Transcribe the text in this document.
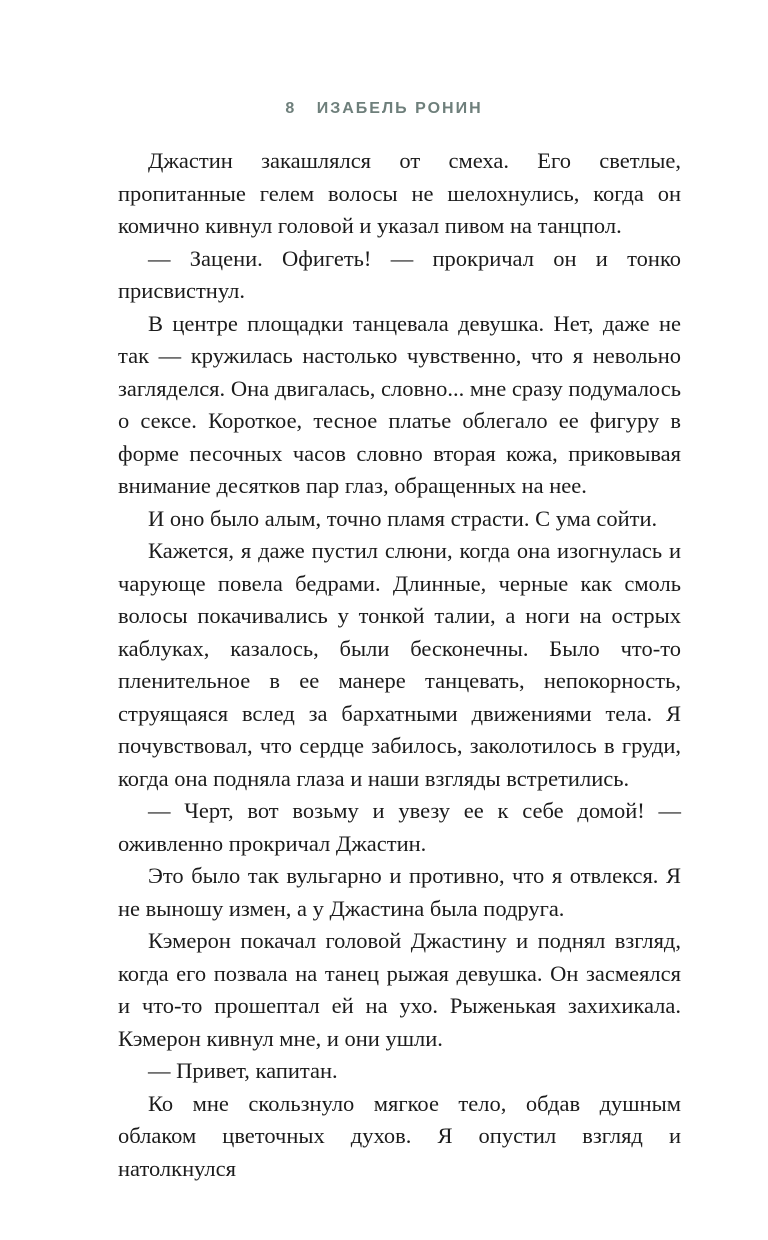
8 ИЗАБЕЛЬ РОНИН

Джастин закашлялся от смеха. Его светлые, пропитанные гелем волосы не шелохнулись, когда он комично кивнул головой и указал пивом на танцпол.

— Зацени. Офигеть! — прокричал он и тонко присвистнул.

В центре площадки танцевала девушка. Нет, даже не так — кружилась настолько чувственно, что я невольно загляделся. Она двигалась, словно... мне сразу подумалось о сексе. Короткое, тесное платье облегало ее фигуру в форме песочных часов словно вторая кожа, приковывая внимание десятков пар глаз, обращенных на нее.

И оно было алым, точно пламя страсти. С ума сойти.

Кажется, я даже пустил слюни, когда она изогнулась и чарующе повела бедрами. Длинные, черные как смоль волосы покачивались у тонкой талии, а ноги на острых каблуках, казалось, были бесконечны. Было что-то пленительное в ее манере танцевать, непокорность, струящаяся вслед за бархатными движениями тела. Я почувствовал, что сердце забилось, заколотилось в груди, когда она подняла глаза и наши взгляды встретились.

— Черт, вот возьму и увезу ее к себе домой! — оживленно прокричал Джастин.

Это было так вульгарно и противно, что я отвлекся. Я не выношу измен, а у Джастина была подруга.

Кэмерон покачал головой Джастину и поднял взгляд, когда его позвала на танец рыжая девушка. Он засмеялся и что-то прошептал ей на ухо. Рыженькая захихикала. Кэмерон кивнул мне, и они ушли.

— Привет, капитан.

Ко мне скользнуло мягкое тело, обдав душным облаком цветочных духов. Я опустил взгляд и натолкнулся
